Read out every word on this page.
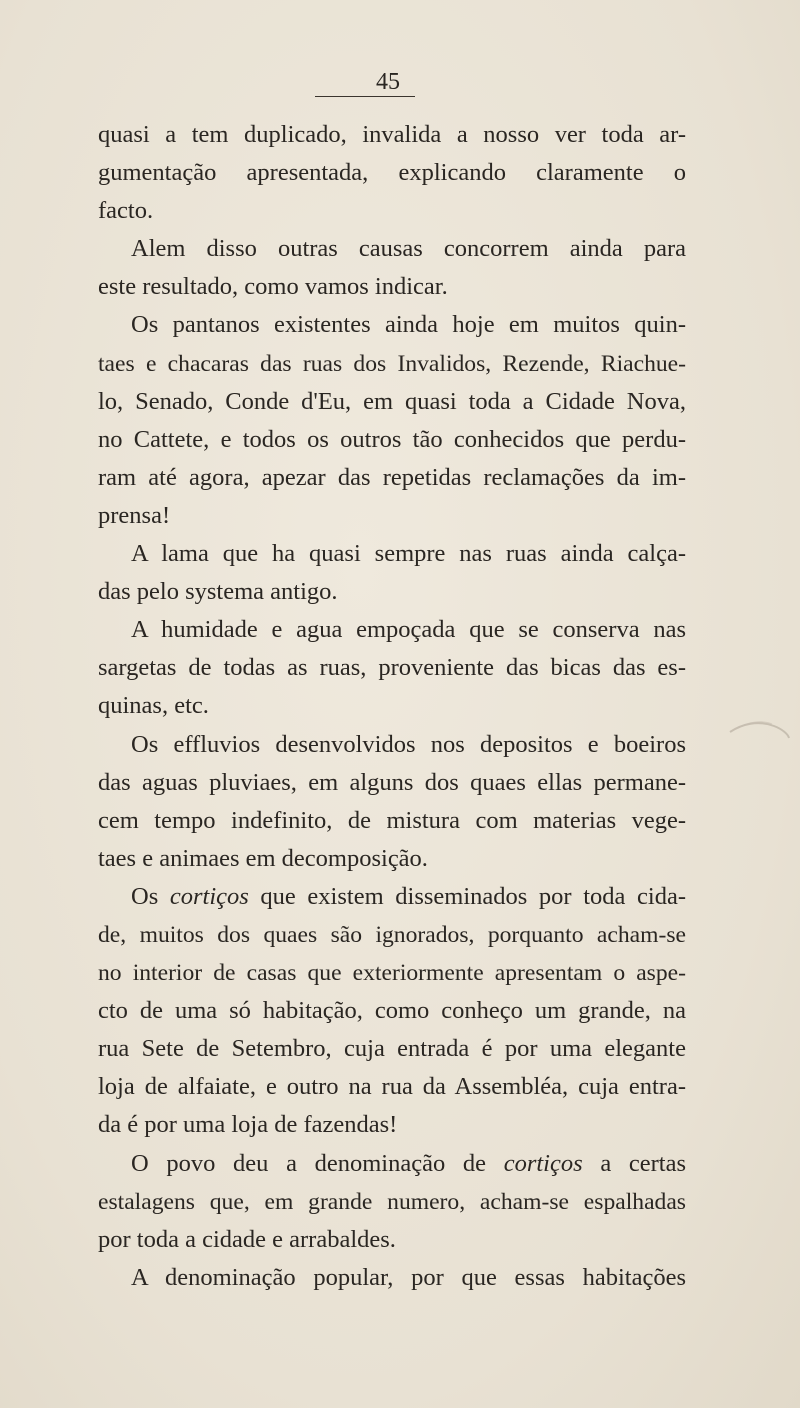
45
quasi a tem duplicado, invalida a nosso ver toda ar-
gumentação apresentada, explicando claramente o
facto.
Alem disso outras causas concorrem ainda para
este resultado, como vamos indicar.
Os pantanos existentes ainda hoje em muitos quin-
taes e chacaras das ruas dos Invalidos, Rezende, Riachue-
lo, Senado, Conde d'Eu, em quasi toda a Cidade Nova,
no Cattete, e todos os outros tão conhecidos que perdu-
ram até agora, apezar das repetidas reclamações da im-
prensa!
A lama que ha quasi sempre nas ruas ainda calça-
das pelo systema antigo.
A humidade e agua empoçada que se conserva nas
sargetas de todas as ruas, proveniente das bicas das es-
quinas, etc.
Os effluvios desenvolvidos nos depositos e boeiros
das aguas pluviaes, em alguns dos quaes ellas permane-
cem tempo indefinito, de mistura com materias vege-
taes e animaes em decomposição.
Os cortiços que existem disseminados por toda cida-
de, muitos dos quaes são ignorados, porquanto acham-se
no interior de casas que exteriormente apresentam o aspe-
cto de uma só habitação, como conheço um grande, na
rua Sete de Setembro, cuja entrada é por uma elegante
loja de alfaiate, e outro na rua da Assembléa, cuja entra-
da é por uma loja de fazendas!
O povo deu a denominação de cortiços a certas
estalagens que, em grande numero, acham-se espalhadas
por toda a cidade e arrabaldes.
A denominação popular, por que essas habitações
